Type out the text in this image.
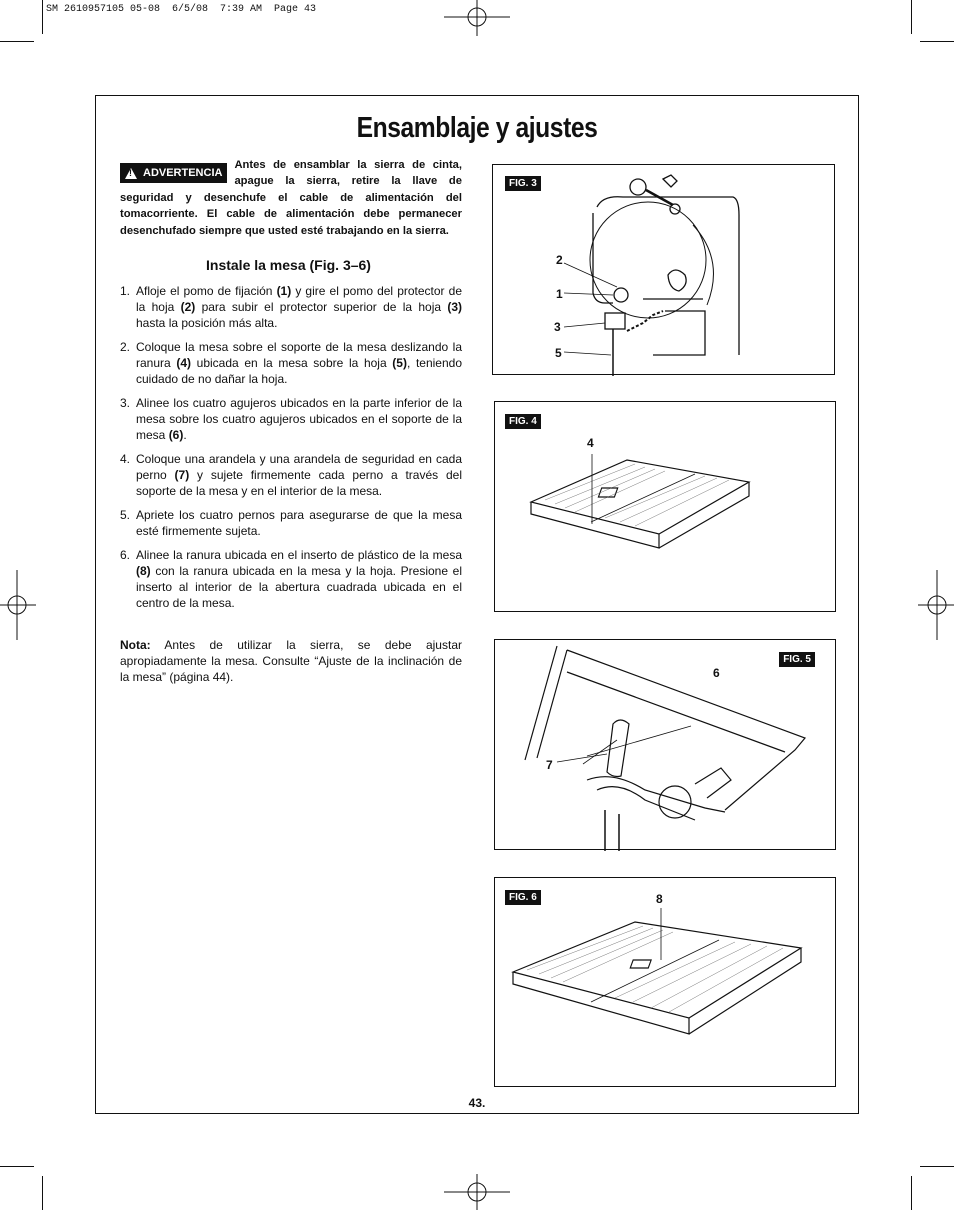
SM 2610957105 05-08  6/5/08  7:39 AM  Page 43
Ensamblaje y ajustes
!
ADVERTENCIA
Antes de ensamblar la sierra de cinta, apague la sierra, retire la llave de seguridad y desenchufe el cable de alimentación del tomacorriente. El cable de alimentación debe permanecer desenchufado siempre que usted esté trabajando en la sierra.
Instale la mesa (Fig. 3–6)
1. Afloje el pomo de fijación (1) y gire el pomo del protector de la hoja (2) para subir el protector superior de la hoja (3) hasta la posición más alta.
2. Coloque la mesa sobre el soporte de la mesa deslizando la ranura (4) ubicada en la mesa sobre la hoja (5), teniendo cuidado de no dañar la hoja.
3. Alinee los cuatro agujeros ubicados en la parte inferior de la mesa sobre los cuatro agujeros ubicados en el soporte de la mesa (6).
4. Coloque una arandela y una arandela de seguridad en cada perno (7) y sujete firmemente cada perno a través del soporte de la mesa y en el interior de la mesa.
5. Apriete los cuatro pernos para asegurarse de que la mesa esté firmemente sujeta.
6. Alinee la ranura ubicada en el inserto de plástico de la mesa (8) con la ranura ubicada en la mesa y la hoja. Presione el inserto al interior de la abertura cuadrada ubicada en el centro de la mesa.
Nota: Antes de utilizar la sierra, se debe ajustar apropiadamente la mesa. Consulte “Ajuste de la inclinación de la mesa” (página 44).
FIG. 3
2
1
3
5
FIG. 4
4
FIG. 5
6
7
FIG. 6	8
43.
